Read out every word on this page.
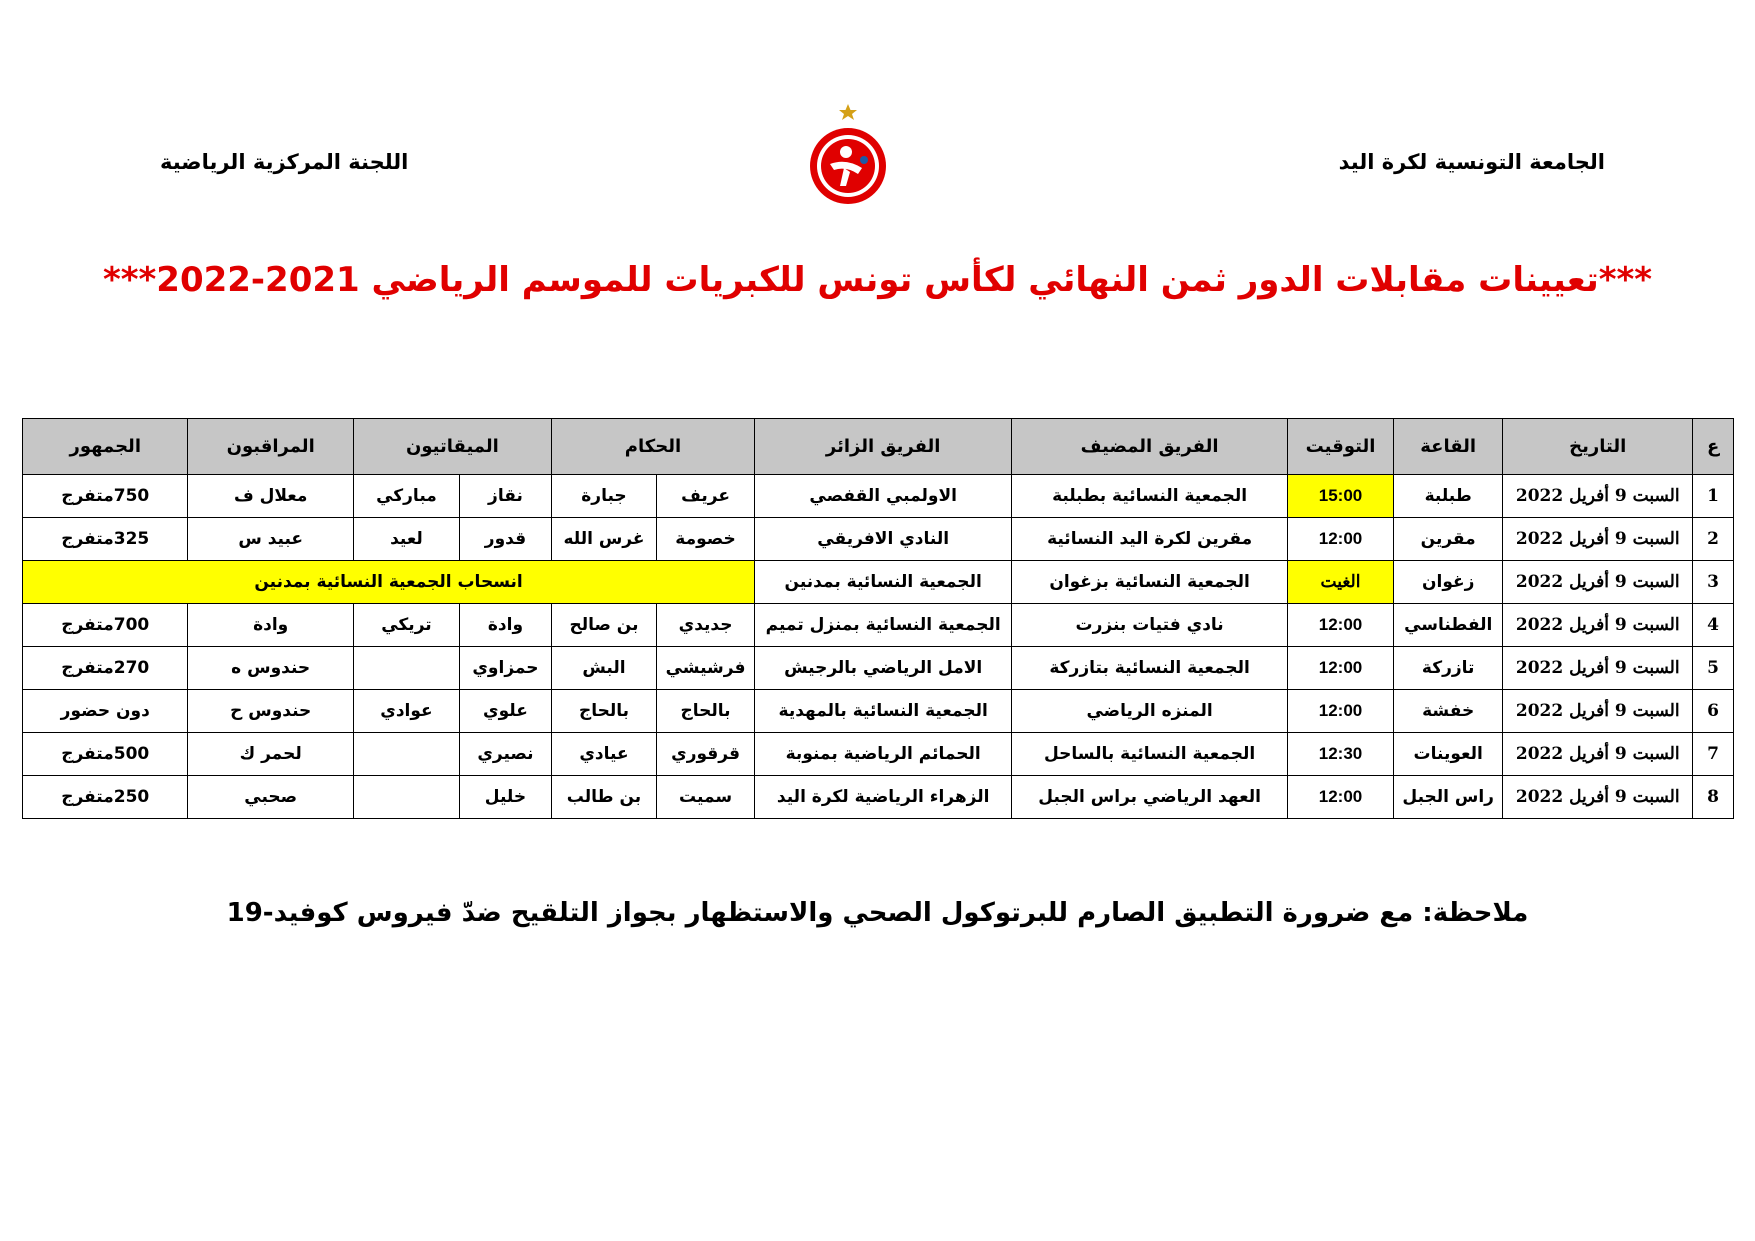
الجامعة التونسية لكرة اليد
اللجنة المركزية الرياضية
***تعيينات مقابلات الدور ثمن النهائي لكأس تونس للكبريات للموسم الرياضي 2021-2022***
ع	التاريخ	القاعة	التوقيت	الفريق المضيف	الفريق الزائر	الحكام		الميقاتيون		المراقبون	الجمهور
1	السبت 9 أفريل 2022	طبلبة	15:00	الجمعية النسائية بطبلبة	الاولمبي القفصي	عريف	جبارة	نقاز	مباركي	معلال ف	750متفرج
2	السبت 9 أفريل 2022	مقرين	12:00	مقرين لكرة اليد النسائية	النادي الافريقي	خصومة	غرس الله	قدور	لعيد	عبيد س	325متفرج
3	السبت 9 أفريل 2022	زغوان	الغيت	الجمعية النسائية بزغوان	الجمعية النسائية بمدنين	انسحاب الجمعية النسائية بمدنين					
4	السبت 9 أفريل 2022	الفطناسي	12:00	نادي فتيات بنزرت	الجمعية النسائية بمنزل تميم	جديدي	بن صالح	وادة	تريكي	وادة	700متفرج
5	السبت 9 أفريل 2022	تازركة	12:00	الجمعية النسائية بتازركة	الامل الرياضي بالرجيش	فرشيشي	البش	حمزاوي		حندوس ه	270متفرج
6	السبت 9 أفريل 2022	خفشة	12:00	المنزه الرياضي	الجمعية النسائية بالمهدية	بالحاج	بالحاج	علوي	عوادي	حندوس ح	دون حضور
7	السبت 9 أفريل 2022	العوينات	12:30	الجمعية النسائية بالساحل	الحمائم الرياضية بمنوبة	قرقوري	عيادي	نصيري		لحمر ك	500متفرج
8	السبت 9 أفريل 2022	راس الجبل	12:00	العهد الرياضي براس الجبل	الزهراء الرياضية لكرة اليد	سميت	بن طالب	خليل		صحبي	250متفرج
ملاحظة: مع ضرورة التطبيق الصارم للبرتوكول الصحي والاستظهار بجواز التلقيح ضدّ فيروس كوفيد-19
